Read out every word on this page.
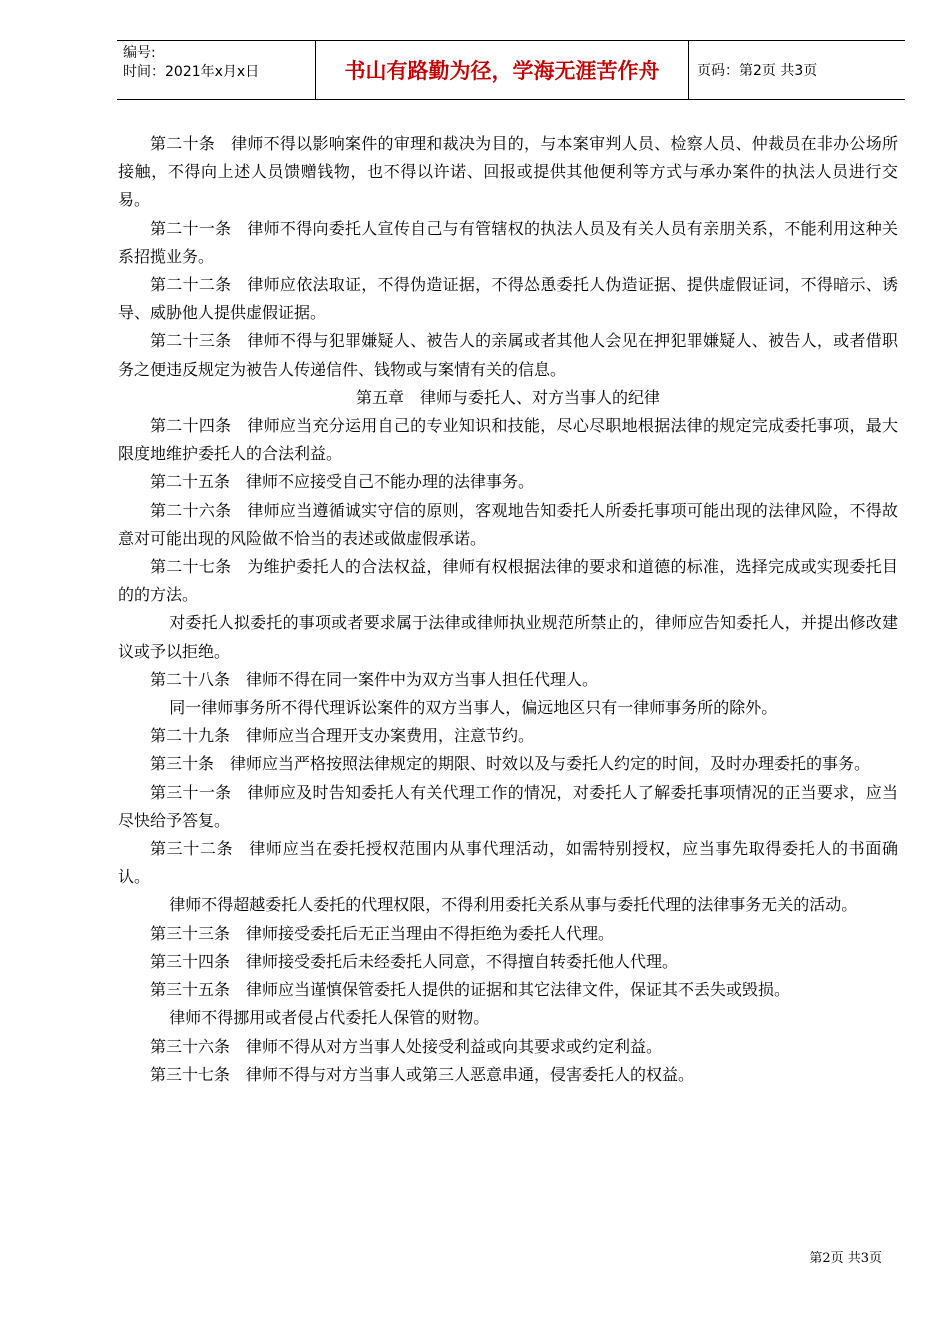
编号:
时间：2021年x月x日	书山有路勤为径，学海无涯苦作舟	页码：第2页 共3页

第二十条 律师不得以影响案件的审理和裁决为目的，与本案审判人员、检察人员、仲裁员在非办公场所接触，不得向上述人员馈赠钱物，也不得以许诺、回报或提供其他便利等方式与承办案件的执法人员进行交易。

第二十一条 律师不得向委托人宣传自己与有管辖权的执法人员及有关人员有亲朋关系，不能利用这种关系招揽业务。

第二十二条 律师应依法取证，不得伪造证据，不得怂恿委托人伪造证据、提供虚假证词，不得暗示、诱导、威胁他人提供虚假证据。

第二十三条 律师不得与犯罪嫌疑人、被告人的亲属或者其他人会见在押犯罪嫌疑人、被告人，或者借职务之便违反规定为被告人传递信件、钱物或与案情有关的信息。

第五章　律师与委托人、对方当事人的纪律

第二十四条 律师应当充分运用自己的专业知识和技能，尽心尽职地根据法律的规定完成委托事项，最大限度地维护委托人的合法利益。

第二十五条 律师不应接受自己不能办理的法律事务。

第二十六条 律师应当遵循诚实守信的原则，客观地告知委托人所委托事项可能出现的法律风险，不得故意对可能出现的风险做不恰当的表述或做虚假承诺。

第二十七条 为维护委托人的合法权益，律师有权根据法律的要求和道德的标准，选择完成或实现委托目的的方法。

对委托人拟委托的事项或者要求属于法律或律师执业规范所禁止的，律师应告知委托人，并提出修改建议或予以拒绝。

第二十八条 律师不得在同一案件中为双方当事人担任代理人。

同一律师事务所不得代理诉讼案件的双方当事人，偏远地区只有一律师事务所的除外。

第二十九条 律师应当合理开支办案费用，注意节约。

第三十条 律师应当严格按照法律规定的期限、时效以及与委托人约定的时间，及时办理委托的事务。

第三十一条 律师应及时告知委托人有关代理工作的情况，对委托人了解委托事项情况的正当要求，应当尽快给予答复。

第三十二条 律师应当在委托授权范围内从事代理活动，如需特别授权，应当事先取得委托人的书面确认。

律师不得超越委托人委托的代理权限，不得利用委托关系从事与委托代理的法律事务无关的活动。

第三十三条 律师接受委托后无正当理由不得拒绝为委托人代理。

第三十四条 律师接受委托后未经委托人同意，不得擅自转委托他人代理。

第三十五条 律师应当谨慎保管委托人提供的证据和其它法律文件，保证其不丢失或毁损。

律师不得挪用或者侵占代委托人保管的财物。

第三十六条 律师不得从对方当事人处接受利益或向其要求或约定利益。

第三十七条 律师不得与对方当事人或第三人恶意串通，侵害委托人的权益。

第2页 共3页
